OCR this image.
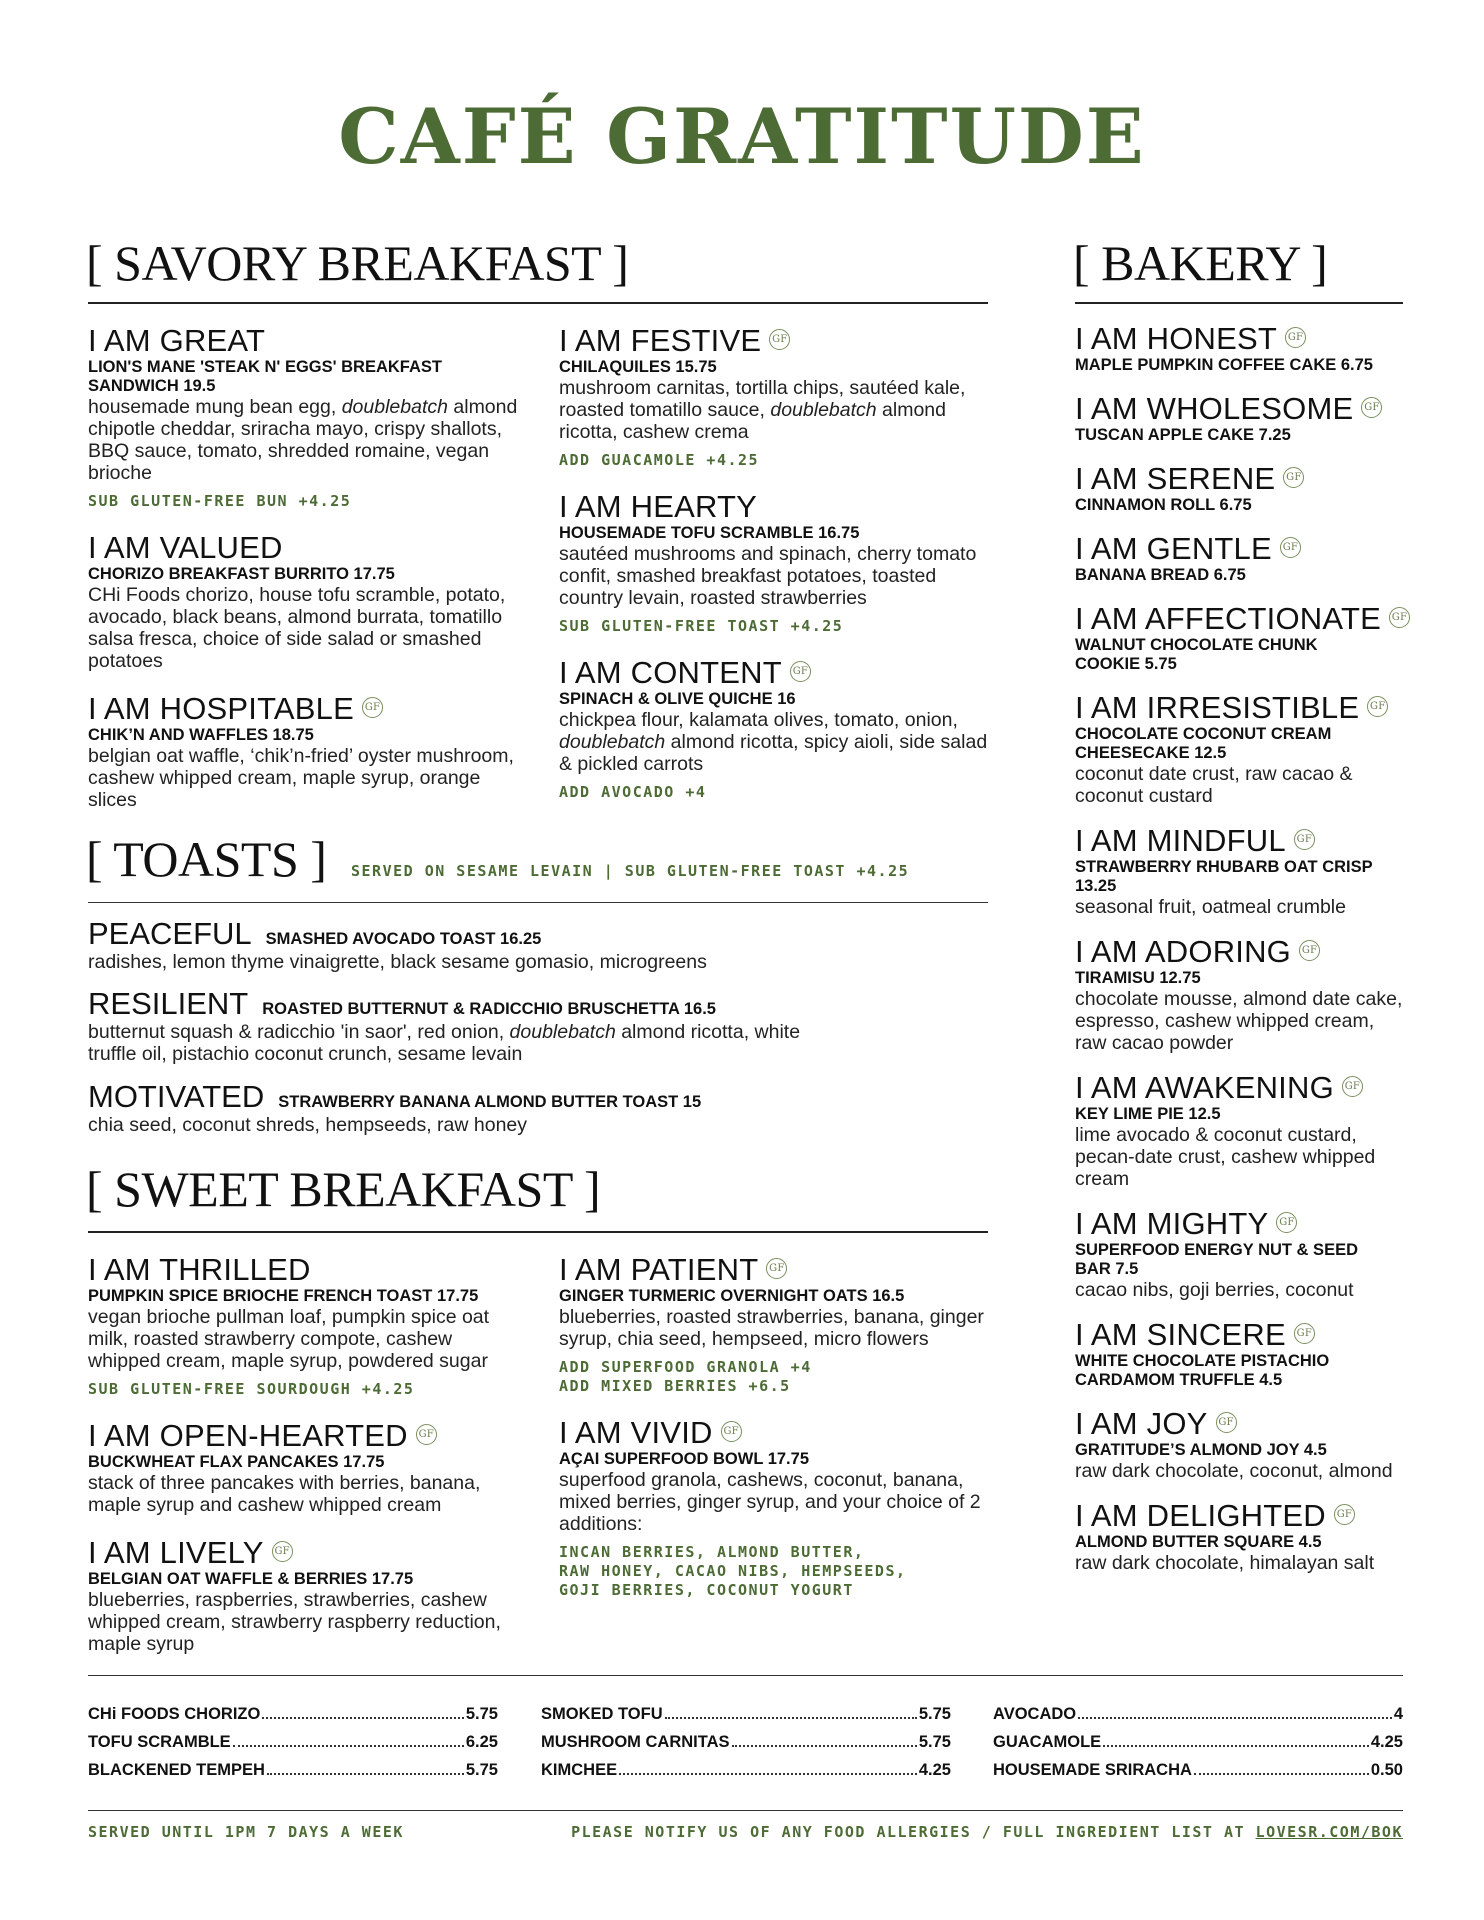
CAFÉ GRATITUDE
[ SAVORY BREAKFAST ]
I AM GREAT
LION'S MANE 'STEAK N' EGGS' BREAKFAST SANDWICH 19.5
housemade mung bean egg, doublebatch almond chipotle cheddar, sriracha mayo, crispy shallots, BBQ sauce, tomato, shredded romaine, vegan brioche
SUB GLUTEN-FREE BUN +4.25
I AM VALUED
CHORIZO BREAKFAST BURRITO 17.75
CHi Foods chorizo, house tofu scramble, potato, avocado, black beans, almond burrata, tomatillo salsa fresca, choice of side salad or smashed potatoes
I AM HOSPITABLE GF
CHIK’N AND WAFFLES 18.75
belgian oat waffle, ‘chik’n-fried’ oyster mushroom, cashew whipped cream, maple syrup, orange slices
I AM FESTIVE GF
CHILAQUILES 15.75
mushroom carnitas, tortilla chips, sautéed kale, roasted tomatillo sauce, doublebatch almond ricotta, cashew crema
ADD GUACAMOLE +4.25
I AM HEARTY
HOUSEMADE TOFU SCRAMBLE 16.75
sautéed mushrooms and spinach, cherry tomato confit, smashed breakfast potatoes, toasted country levain, roasted strawberries
SUB GLUTEN-FREE TOAST +4.25
I AM CONTENT GF
SPINACH & OLIVE QUICHE 16
chickpea flour, kalamata olives, tomato, onion, doublebatch almond ricotta, spicy aioli, side salad & pickled carrots
ADD AVOCADO +4
[ TOASTS ] SERVED ON SESAME LEVAIN | SUB GLUTEN-FREE TOAST +4.25
PEACEFUL SMASHED AVOCADO TOAST 16.25
radishes, lemon thyme vinaigrette, black sesame gomasio, microgreens
RESILIENT ROASTED BUTTERNUT & RADICCHIO BRUSCHETTA 16.5
butternut squash & radicchio 'in saor', red onion, doublebatch almond ricotta, white truffle oil, pistachio coconut crunch, sesame levain
MOTIVATED STRAWBERRY BANANA ALMOND BUTTER TOAST 15
chia seed, coconut shreds, hempseeds, raw honey
[ SWEET BREAKFAST ]
I AM THRILLED
PUMPKIN SPICE BRIOCHE FRENCH TOAST 17.75
vegan brioche pullman loaf, pumpkin spice oat milk, roasted strawberry compote, cashew whipped cream, maple syrup, powdered sugar
SUB GLUTEN-FREE SOURDOUGH +4.25
I AM OPEN-HEARTED GF
BUCKWHEAT FLAX PANCAKES 17.75
stack of three pancakes with berries, banana, maple syrup and cashew whipped cream
I AM LIVELY GF
BELGIAN OAT WAFFLE & BERRIES 17.75
blueberries, raspberries, strawberries, cashew whipped cream, strawberry raspberry reduction, maple syrup
I AM PATIENT GF
GINGER TURMERIC OVERNIGHT OATS 16.5
blueberries, roasted strawberries, banana, ginger syrup, chia seed, hempseed, micro flowers
ADD SUPERFOOD GRANOLA +4
ADD MIXED BERRIES +6.5
I AM VIVID GF
AÇAI SUPERFOOD BOWL 17.75
superfood granola, cashews, coconut, banana, mixed berries, ginger syrup, and your choice of 2 additions:
INCAN BERRIES, ALMOND BUTTER,
RAW HONEY, CACAO NIBS, HEMPSEEDS,
GOJI BERRIES, COCONUT YOGURT
[ BAKERY ]
I AM HONEST GF
MAPLE PUMPKIN COFFEE CAKE 6.75
I AM WHOLESOME GF
TUSCAN APPLE CAKE 7.25
I AM SERENE GF
CINNAMON ROLL 6.75
I AM GENTLE GF
BANANA BREAD 6.75
I AM AFFECTIONATE GF
WALNUT CHOCOLATE CHUNK COOKIE 5.75
I AM IRRESISTIBLE GF
CHOCOLATE COCONUT CREAM CHEESECAKE 12.5
coconut date crust, raw cacao & coconut custard
I AM MINDFUL GF
STRAWBERRY RHUBARB OAT CRISP 13.25
seasonal fruit, oatmeal crumble
I AM ADORING GF
TIRAMISU 12.75
chocolate mousse, almond date cake, espresso, cashew whipped cream, raw cacao powder
I AM AWAKENING GF
KEY LIME PIE 12.5
lime avocado & coconut custard, pecan-date crust, cashew whipped cream
I AM MIGHTY GF
SUPERFOOD ENERGY NUT & SEED BAR 7.5
cacao nibs, goji berries, coconut
I AM SINCERE GF
WHITE CHOCOLATE PISTACHIO CARDAMOM TRUFFLE 4.5
I AM JOY GF
GRATITUDE’S ALMOND JOY 4.5
raw dark chocolate, coconut, almond
I AM DELIGHTED GF
ALMOND BUTTER SQUARE 4.5
raw dark chocolate, himalayan salt
CHi FOODS CHORIZO	5.75
TOFU SCRAMBLE	6.25
BLACKENED TEMPEH	5.75
SMOKED TOFU	5.75
MUSHROOM CARNITAS	5.75
KIMCHEE	4.25
AVOCADO	4
GUACAMOLE	4.25
HOUSEMADE SRIRACHA	0.50
SERVED UNTIL 1PM 7 DAYS A WEEK	PLEASE NOTIFY US OF ANY FOOD ALLERGIES / FULL INGREDIENT LIST AT LOVESR.COM/BOK
